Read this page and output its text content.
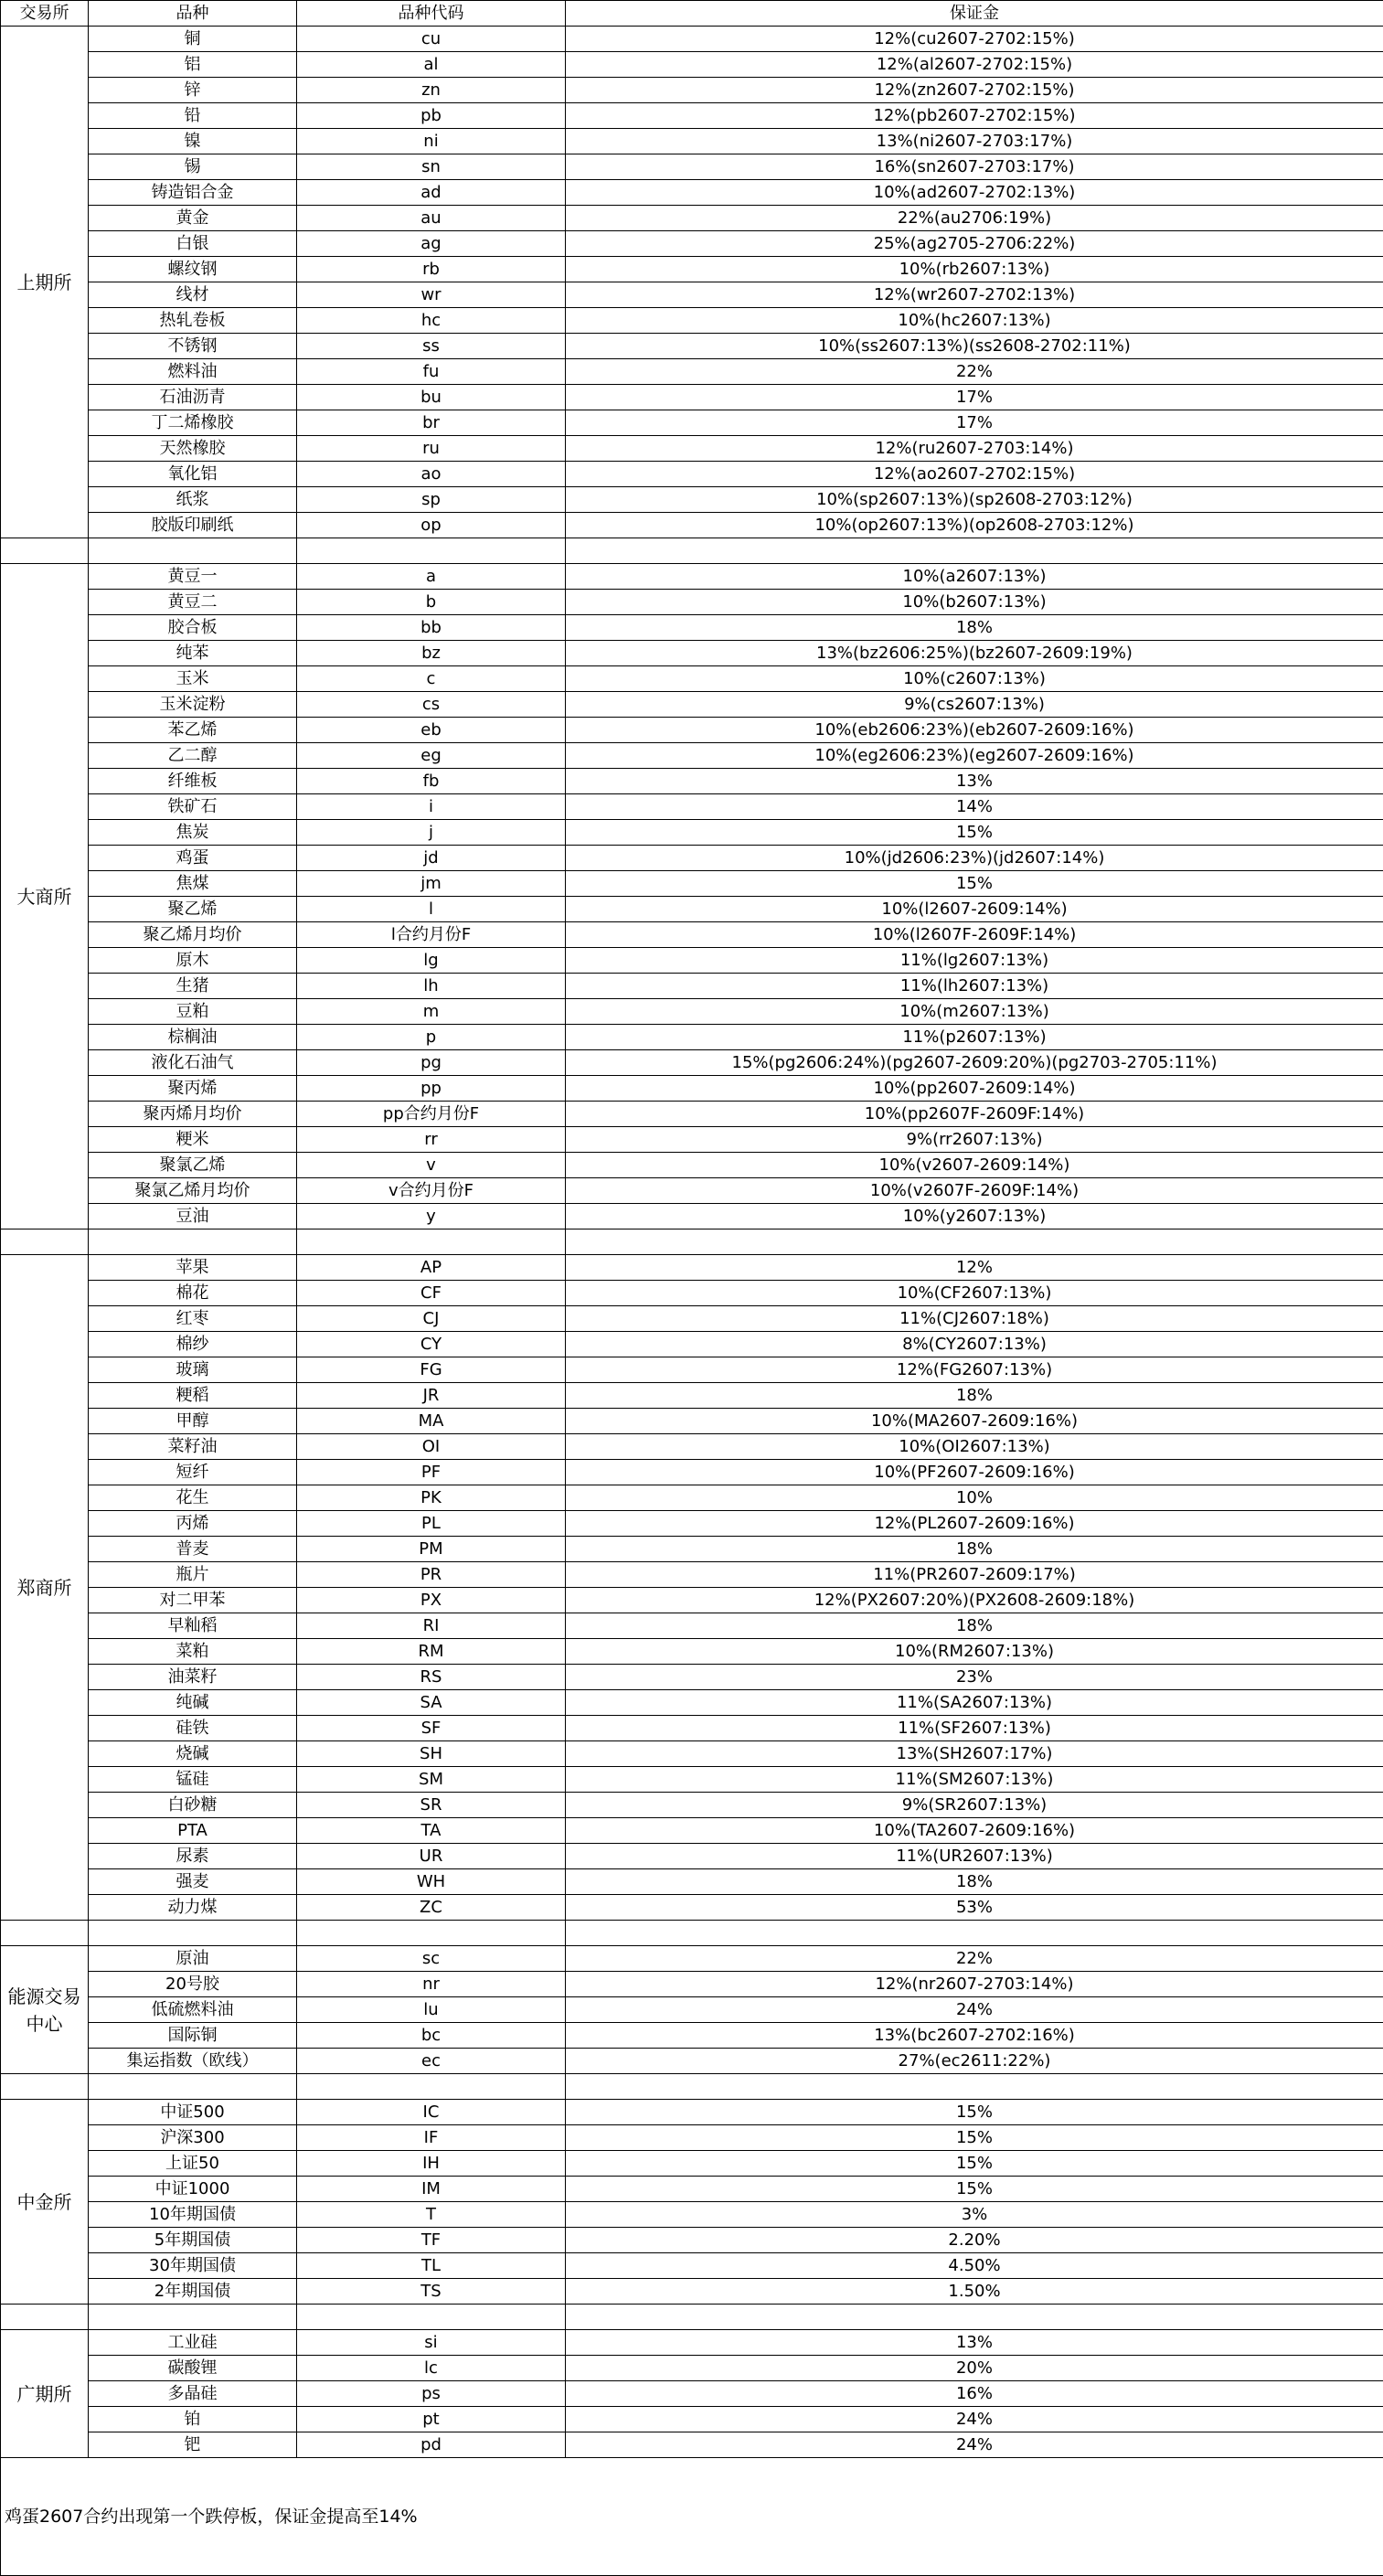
交易所	品种	品种代码	保证金
上期所	铜	cu	12%(cu2607-2702:15%)
	铝	al	12%(al2607-2702:15%)
	锌	zn	12%(zn2607-2702:15%)
	铅	pb	12%(pb2607-2702:15%)
	镍	ni	13%(ni2607-2703:17%)
	锡	sn	16%(sn2607-2703:17%)
	铸造铝合金	ad	10%(ad2607-2702:13%)
	黄金	au	22%(au2706:19%)
	白银	ag	25%(ag2705-2706:22%)
	螺纹钢	rb	10%(rb2607:13%)
	线材	wr	12%(wr2607-2702:13%)
	热轧卷板	hc	10%(hc2607:13%)
	不锈钢	ss	10%(ss2607:13%)(ss2608-2702:11%)
	燃料油	fu	22%
	石油沥青	bu	17%
	丁二烯橡胶	br	17%
	天然橡胶	ru	12%(ru2607-2703:14%)
	氧化铝	ao	12%(ao2607-2702:15%)
	纸浆	sp	10%(sp2607:13%)(sp2608-2703:12%)
	胶版印刷纸	op	10%(op2607:13%)(op2608-2703:12%)

大商所	黄豆一	a	10%(a2607:13%)
	黄豆二	b	10%(b2607:13%)
	胶合板	bb	18%
	纯苯	bz	13%(bz2606:25%)(bz2607-2609:19%)
	玉米	c	10%(c2607:13%)
	玉米淀粉	cs	9%(cs2607:13%)
	苯乙烯	eb	10%(eb2606:23%)(eb2607-2609:16%)
	乙二醇	eg	10%(eg2606:23%)(eg2607-2609:16%)
	纤维板	fb	13%
	铁矿石	i	14%
	焦炭	j	15%
	鸡蛋	jd	10%(jd2606:23%)(jd2607:14%)
	焦煤	jm	15%
	聚乙烯	l	10%(l2607-2609:14%)
	聚乙烯月均价	l合约月份F	10%(l2607F-2609F:14%)
	原木	lg	11%(lg2607:13%)
	生猪	lh	11%(lh2607:13%)
	豆粕	m	10%(m2607:13%)
	棕榈油	p	11%(p2607:13%)
	液化石油气	pg	15%(pg2606:24%)(pg2607-2609:20%)(pg2703-2705:11%)
	聚丙烯	pp	10%(pp2607-2609:14%)
	聚丙烯月均价	pp合约月份F	10%(pp2607F-2609F:14%)
	粳米	rr	9%(rr2607:13%)
	聚氯乙烯	v	10%(v2607-2609:14%)
	聚氯乙烯月均价	v合约月份F	10%(v2607F-2609F:14%)
	豆油	y	10%(y2607:13%)

郑商所	苹果	AP	12%
	棉花	CF	10%(CF2607:13%)
	红枣	CJ	11%(CJ2607:18%)
	棉纱	CY	8%(CY2607:13%)
	玻璃	FG	12%(FG2607:13%)
	粳稻	JR	18%
	甲醇	MA	10%(MA2607-2609:16%)
	菜籽油	OI	10%(OI2607:13%)
	短纤	PF	10%(PF2607-2609:16%)
	花生	PK	10%
	丙烯	PL	12%(PL2607-2609:16%)
	普麦	PM	18%
	瓶片	PR	11%(PR2607-2609:17%)
	对二甲苯	PX	12%(PX2607:20%)(PX2608-2609:18%)
	早籼稻	RI	18%
	菜粕	RM	10%(RM2607:13%)
	油菜籽	RS	23%
	纯碱	SA	11%(SA2607:13%)
	硅铁	SF	11%(SF2607:13%)
	烧碱	SH	13%(SH2607:17%)
	锰硅	SM	11%(SM2607:13%)
	白砂糖	SR	9%(SR2607:13%)
	PTA	TA	10%(TA2607-2609:16%)
	尿素	UR	11%(UR2607:13%)
	强麦	WH	18%
	动力煤	ZC	53%

能源交易中心	原油	sc	22%
	20号胶	nr	12%(nr2607-2703:14%)
	低硫燃料油	lu	24%
	国际铜	bc	13%(bc2607-2702:16%)
	集运指数（欧线）	ec	27%(ec2611:22%)

中金所	中证500	IC	15%
	沪深300	IF	15%
	上证50	IH	15%
	中证1000	IM	15%
	10年期国债	T	3%
	5年期国债	TF	2.20%
	30年期国债	TL	4.50%
	2年期国债	TS	1.50%

广期所	工业硅	si	13%
	碳酸锂	lc	20%
	多晶硅	ps	16%
	铂	pt	24%
	钯	pd	24%
鸡蛋2607合约出现第一个跌停板，保证金提高至14%			
